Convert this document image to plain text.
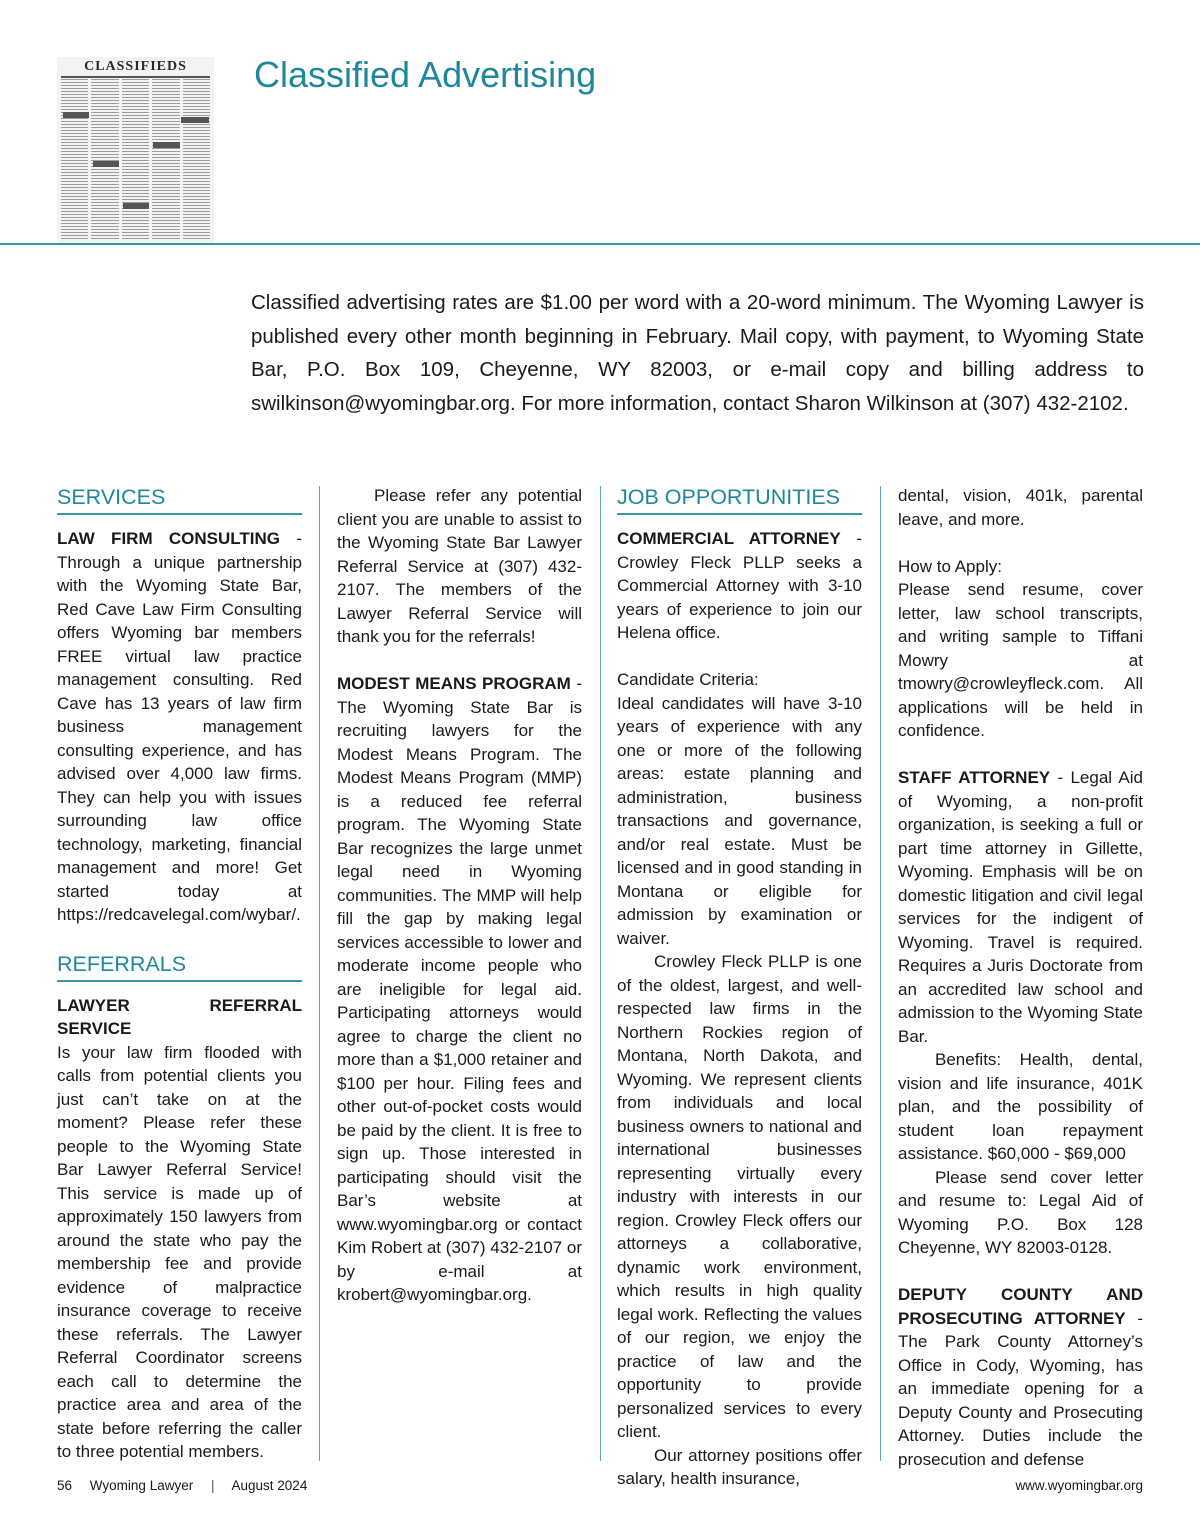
CLASSIFIEDS	Classified Advertising

Classified advertising rates are $1.00 per word with a 20-word minimum. The Wyoming Lawyer is published every other month beginning in February. Mail copy, with payment, to Wyoming State Bar, P.O. Box 109, Cheyenne, WY 82003, or e-mail copy and billing address to swilkinson@wyomingbar.org. For more information, contact Sharon Wilkinson at (307) 432-2102.

SERVICES

LAW FIRM CONSULTING - Through a unique partnership with the Wyoming State Bar, Red Cave Law Firm Consulting offers Wyoming bar members FREE virtual law practice management consulting. Red Cave has 13 years of law firm business management consulting experience, and has advised over 4,000 law firms. They can help you with issues surrounding law office technology, marketing, financial management and more! Get started today at https://redcavelegal.com/wybar/.

REFERRALS

LAWYER REFERRAL SERVICE
Is your law firm flooded with calls from potential clients you just can’t take on at the moment? Please refer these people to the Wyoming State Bar Lawyer Referral Service! This service is made up of approximately 150 lawyers from around the state who pay the membership fee and provide evidence of malpractice insurance coverage to receive these referrals. The Lawyer Referral Coordinator screens each call to determine the practice area and area of the state before referring the caller to three potential members.

Please refer any potential client you are unable to assist to the Wyoming State Bar Lawyer Referral Service at (307) 432-2107. The members of the Lawyer Referral Service will thank you for the referrals!

MODEST MEANS PROGRAM - The Wyoming State Bar is recruiting lawyers for the Modest Means Program. The Modest Means Program (MMP) is a reduced fee referral program. The Wyoming State Bar recognizes the large unmet legal need in Wyoming communities. The MMP will help fill the gap by making legal services accessible to lower and moderate income people who are ineligible for legal aid. Participating attorneys would agree to charge the client no more than a $1,000 retainer and $100 per hour. Filing fees and other out-of-pocket costs would be paid by the client. It is free to sign up. Those interested in participating should visit the Bar’s website at www.wyomingbar.org or contact Kim Robert at (307) 432-2107 or by e-mail at krobert@wyomingbar.org.

JOB OPPORTUNITIES

COMMERCIAL ATTORNEY - Crowley Fleck PLLP seeks a Commercial Attorney with 3-10 years of experience to join our Helena office.

Candidate Criteria:
Ideal candidates will have 3-10 years of experience with any one or more of the following areas: estate planning and administration, business transactions and governance, and/or real estate. Must be licensed and in good standing in Montana or eligible for admission by examination or waiver.

Crowley Fleck PLLP is one of the oldest, largest, and well-respected law firms in the Northern Rockies region of Montana, North Dakota, and Wyoming. We represent clients from individuals and local business owners to national and international businesses representing virtually every industry with interests in our region. Crowley Fleck offers our attorneys a collaborative, dynamic work environment, which results in high quality legal work. Reflecting the values of our region, we enjoy the practice of law and the opportunity to provide personalized services to every client.

Our attorney positions offer salary, health insurance,

dental, vision, 401k, parental leave, and more.

How to Apply:
Please send resume, cover letter, law school transcripts, and writing sample to Tiffani Mowry at tmowry@crowleyfleck.com. All applications will be held in confidence.

STAFF ATTORNEY - Legal Aid of Wyoming, a non-profit organization, is seeking a full or part time attorney in Gillette, Wyoming. Emphasis will be on domestic litigation and civil legal services for the indigent of Wyoming. Travel is required. Requires a Juris Doctorate from an accredited law school and admission to the Wyoming State Bar.

Benefits: Health, dental, vision and life insurance, 401K plan, and the possibility of student loan repayment assistance. $60,000 - $69,000

Please send cover letter and resume to: Legal Aid of Wyoming P.O. Box 128 Cheyenne, WY 82003-0128.

DEPUTY COUNTY AND PROSECUTING ATTORNEY - The Park County Attorney’s Office in Cody, Wyoming, has an immediate opening for a Deputy County and Prosecuting Attorney. Duties include the prosecution and defense

56 Wyoming Lawyer | August 2024	www.wyomingbar.org
